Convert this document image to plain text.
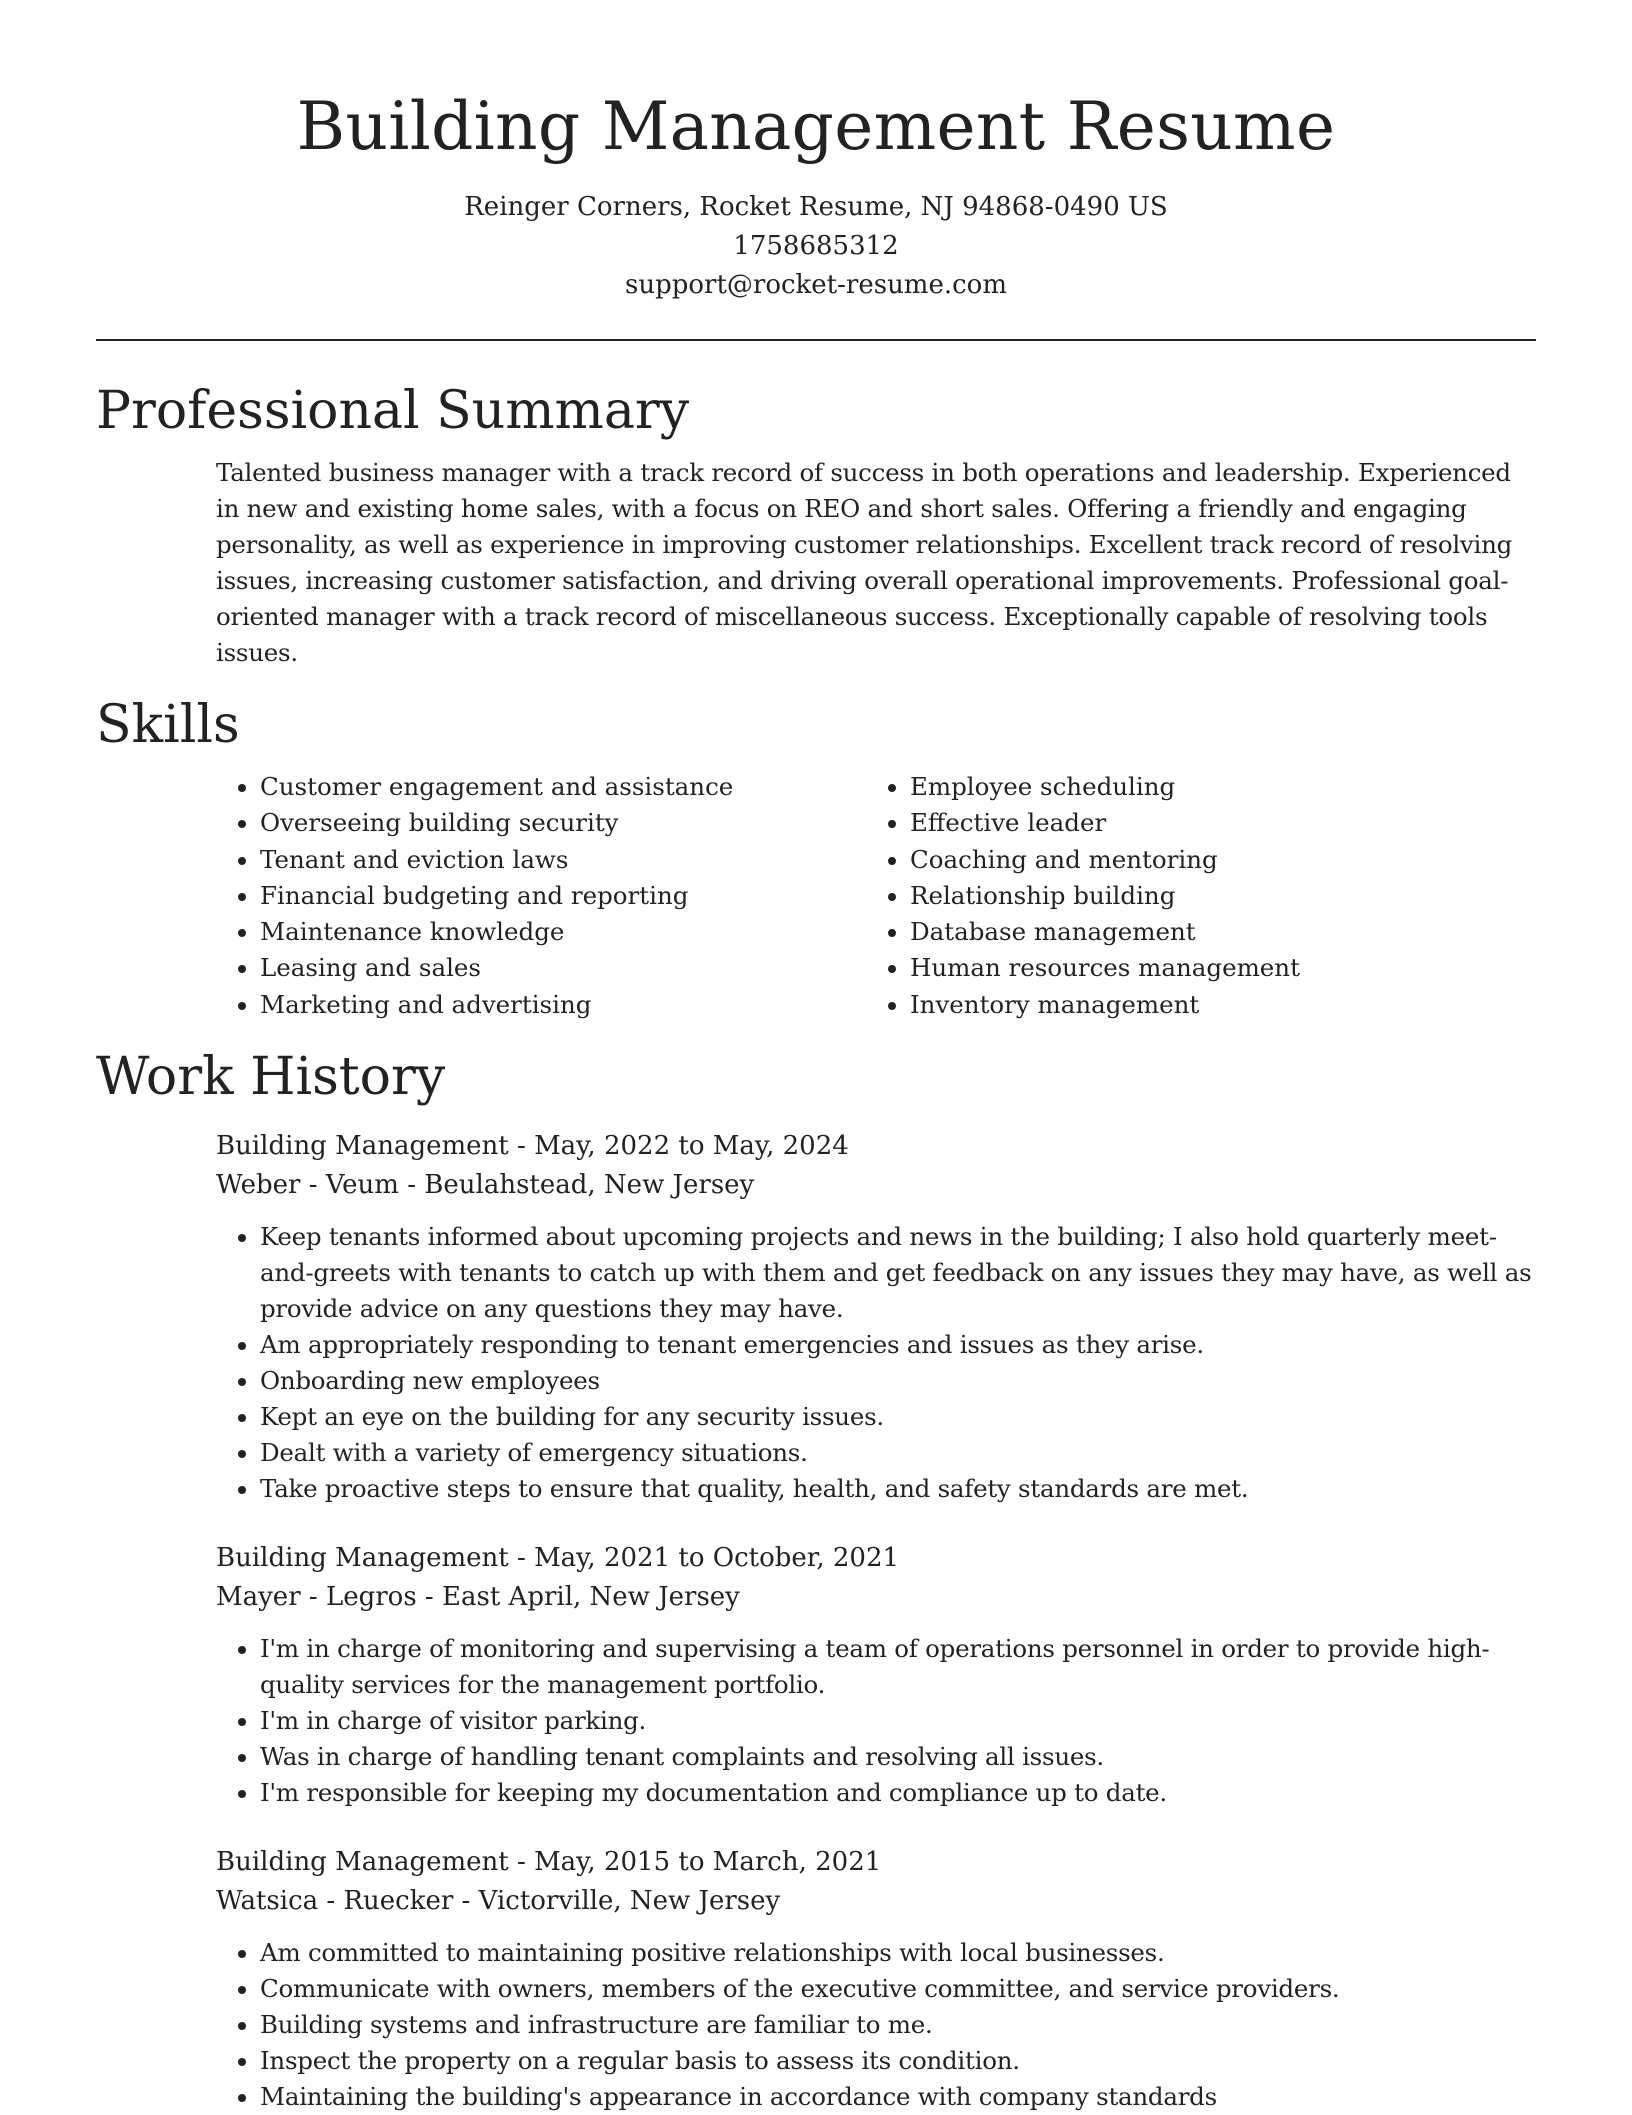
Building Management Resume

Reinger Corners, Rocket Resume, NJ 94868-0490 US

1758685312

support@rocket-resume.com

Professional Summary

Talented business manager with a track record of success in both operations and leadership. Experienced in new and existing home sales, with a focus on REO and short sales. Offering a friendly and engaging personality, as well as experience in improving customer relationships. Excellent track record of resolving issues, increasing customer satisfaction, and driving overall operational improvements. Professional goal-oriented manager with a track record of miscellaneous success. Exceptionally capable of resolving tools issues.

Skills
• Customer engagement and assistance
• Overseeing building security
• Tenant and eviction laws
• Financial budgeting and reporting
• Maintenance knowledge
• Leasing and sales
• Marketing and advertising
• Employee scheduling
• Effective leader
• Coaching and mentoring
• Relationship building
• Database management
• Human resources management
• Inventory management
Work History

Building Management - May, 2022 to May, 2024

Weber - Veum - Beulahstead, New Jersey

• Keep tenants informed about upcoming projects and news in the building; I also hold quarterly meet-and-greets with tenants to catch up with them and get feedback on any issues they may have, as well as provide advice on any questions they may have.
• Am appropriately responding to tenant emergencies and issues as they arise.
• Onboarding new employees
• Kept an eye on the building for any security issues.
• Dealt with a variety of emergency situations.
• Take proactive steps to ensure that quality, health, and safety standards are met.

Building Management - May, 2021 to October, 2021

Mayer - Legros - East April, New Jersey

• I'm in charge of monitoring and supervising a team of operations personnel in order to provide high-quality services for the management portfolio.
• I'm in charge of visitor parking.
• Was in charge of handling tenant complaints and resolving all issues.
• I'm responsible for keeping my documentation and compliance up to date.

Building Management - May, 2015 to March, 2021

Watsica - Ruecker - Victorville, New Jersey

• Am committed to maintaining positive relationships with local businesses.
• Communicate with owners, members of the executive committee, and service providers.
• Building systems and infrastructure are familiar to me.
• Inspect the property on a regular basis to assess its condition.
• Maintaining the building's appearance in accordance with company standards
